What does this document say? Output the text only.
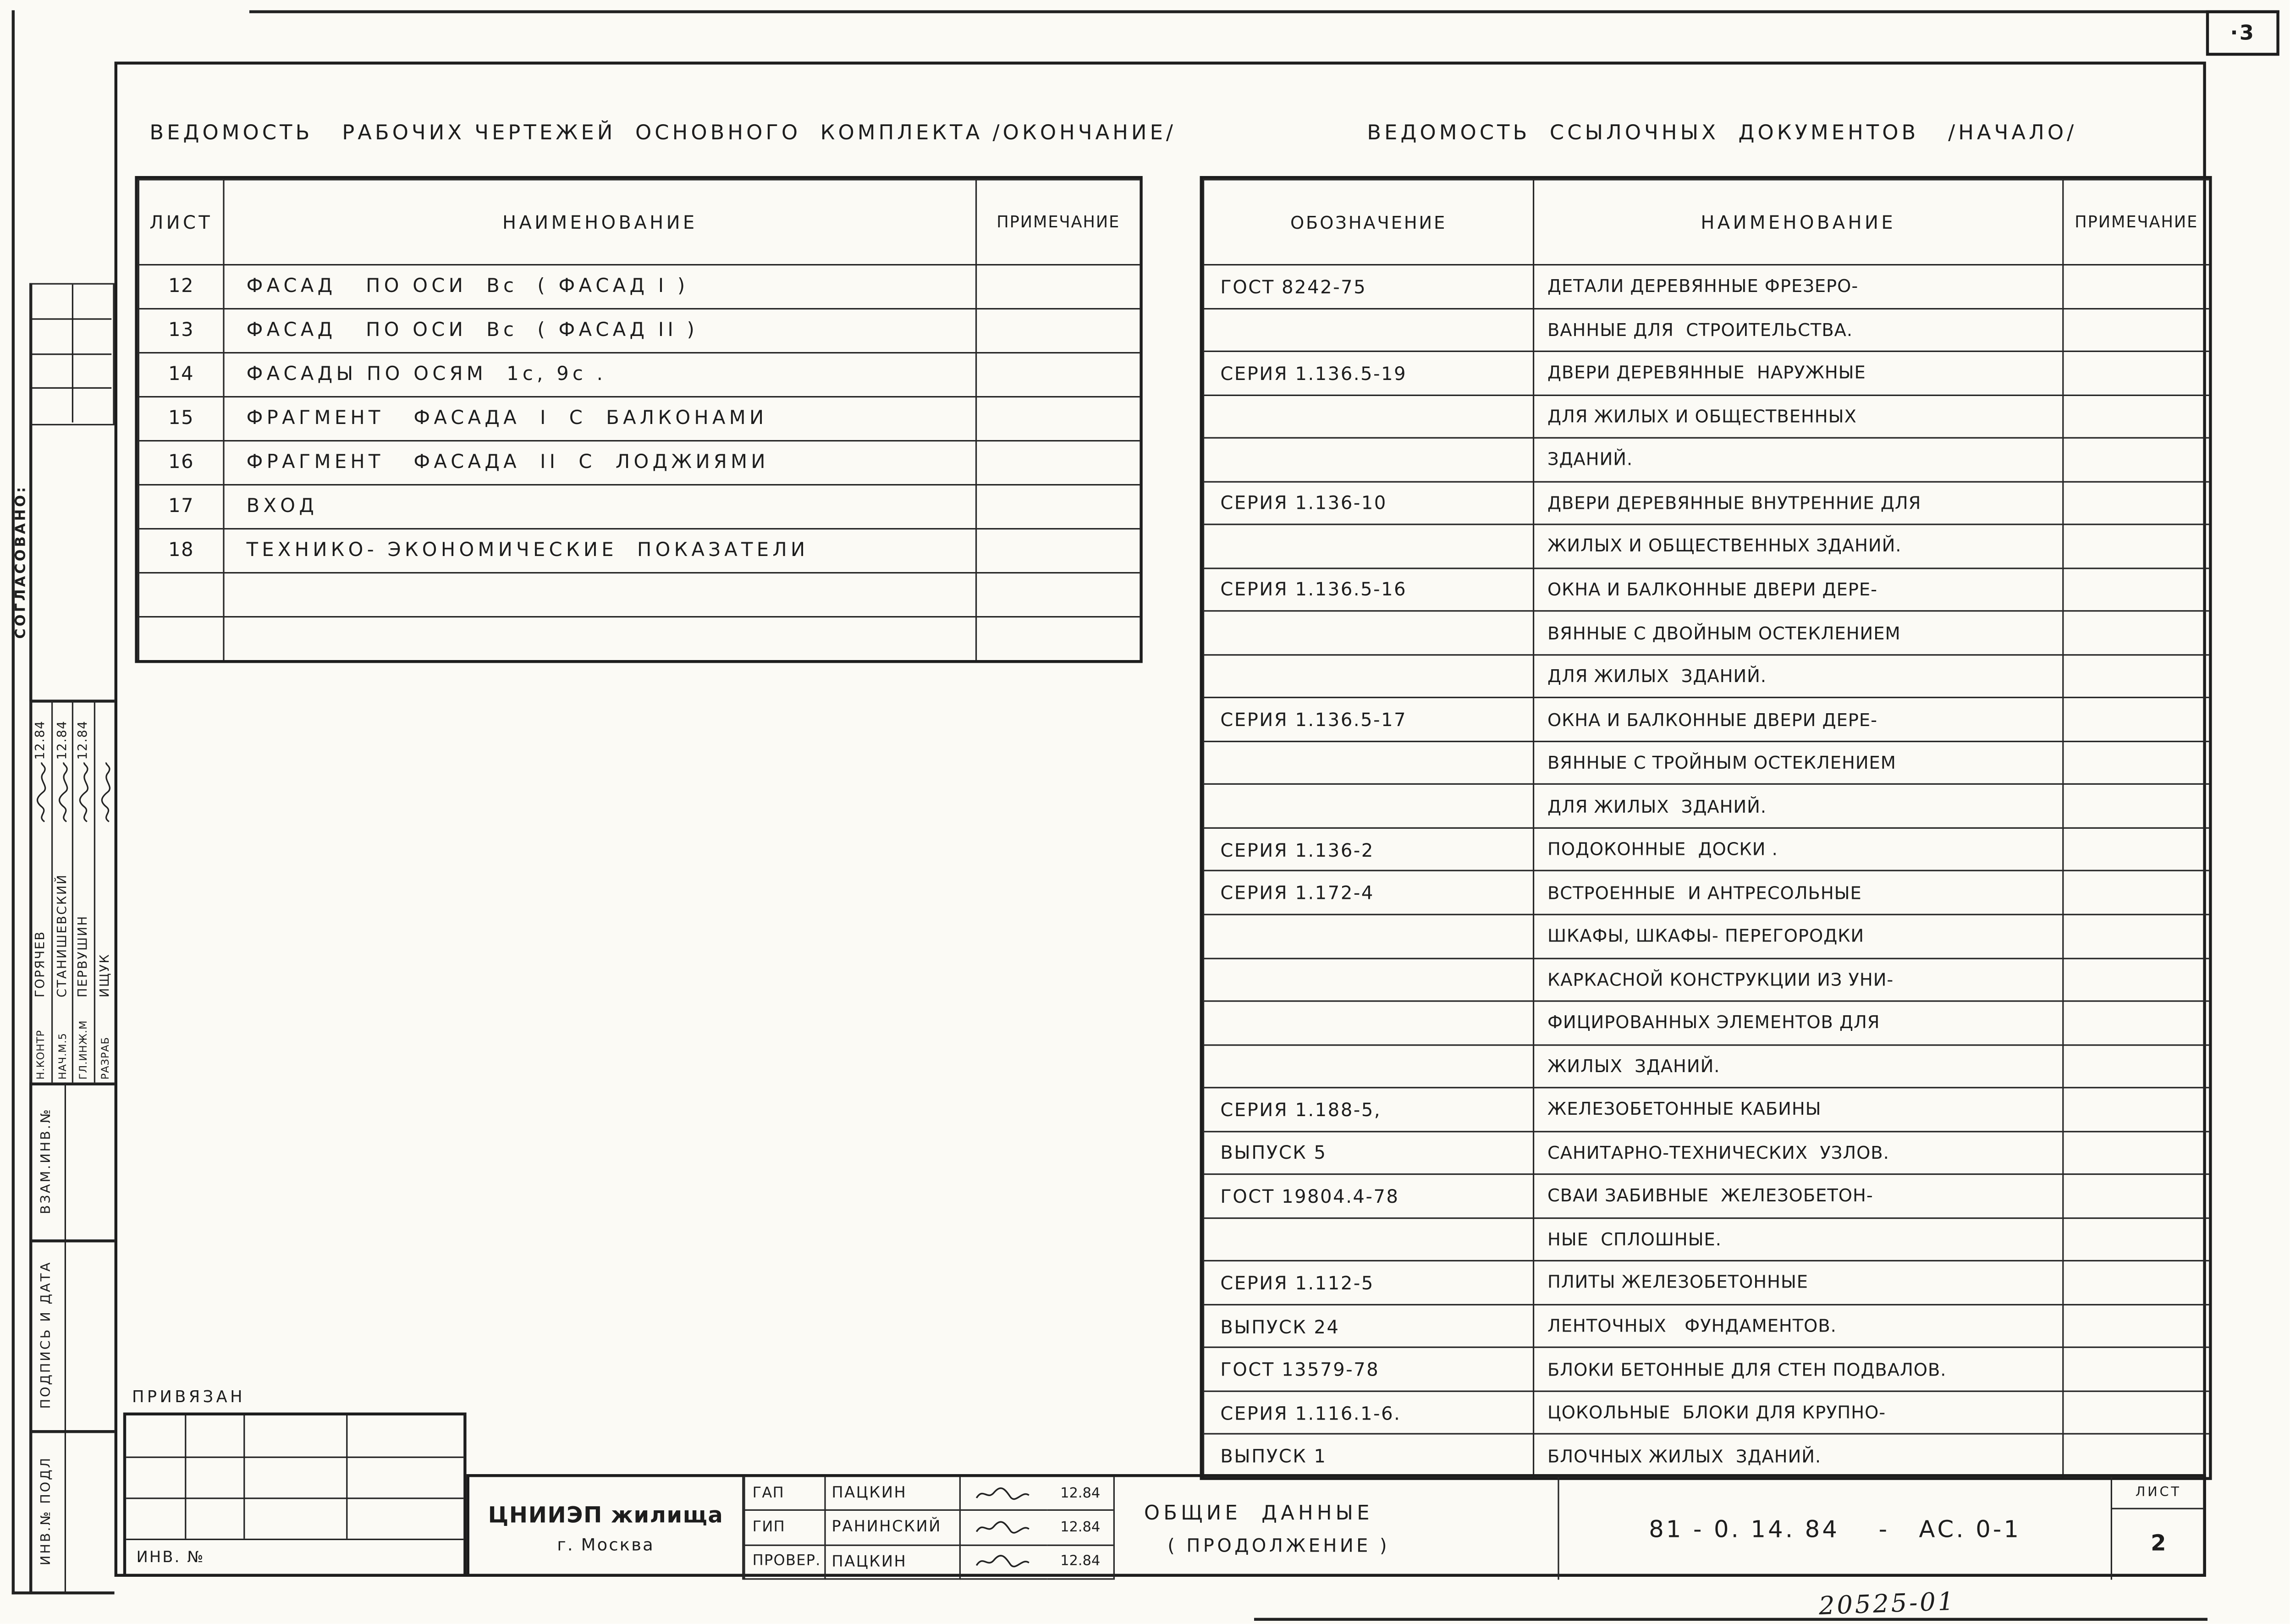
·3
СОГЛАСОВАНО:
Н.КОНТР
ГОРЯЧЕВ
12.84
НАЧ.М.5
СТАНИШЕВСКИЙ
12.84
ГЛ.ИНЖ.М
ПЕРВУШИН
12.84
РАЗРАБ
ИЩУК
ВЗАМ.ИНВ.№
ПОДПИСЬ И ДАТА
ИНВ.№ ПОДЛ
ВЕДОМОСТЬ   РАБОЧИХ ЧЕРТЕЖЕЙ  ОСНОВНОГО  КОМПЛЕКТА /ОКОНЧАНИЕ/
ЛИСТ	НАИМЕНОВАНИЕ	ПРИМЕЧАНИЕ
12	ФАСАД   ПО ОСИ  Вс  ( ФАСАД I )
13	ФАСАД   ПО ОСИ  Вс  ( ФАСАД II )
14	ФАСАДЫ ПО ОСЯМ  1с, 9с .
15	ФРАГМЕНТ   ФАСАДА  I  С  БАЛКОНАМИ
16	ФРАГМЕНТ   ФАСАДА  II  С  ЛОДЖИЯМИ
17	ВХОД
18	ТЕХНИКО- ЭКОНОМИЧЕСКИЕ  ПОКАЗАТЕЛИ
ВЕДОМОСТЬ  ССЫЛОЧНЫХ  ДОКУМЕНТОВ   /НАЧАЛО/
ОБОЗНАЧЕНИЕ	НАИМЕНОВАНИЕ	ПРИМЕЧАНИЕ
ГОСТ 8242-75	ДЕТАЛИ ДЕРЕВЯННЫЕ ФРЕЗЕРО-
ВАННЫЕ ДЛЯ  СТРОИТЕЛЬСТВА.
СЕРИЯ 1.136.5-19	ДВЕРИ ДЕРЕВЯННЫЕ  НАРУЖНЫЕ
ДЛЯ ЖИЛЫХ И ОБЩЕСТВЕННЫХ
ЗДАНИЙ.
СЕРИЯ 1.136-10	ДВЕРИ ДЕРЕВЯННЫЕ ВНУТРЕННИЕ ДЛЯ
ЖИЛЫХ И ОБЩЕСТВЕННЫХ ЗДАНИЙ.
СЕРИЯ 1.136.5-16	ОКНА И БАЛКОННЫЕ ДВЕРИ ДЕРЕ-
ВЯННЫЕ С ДВОЙНЫМ ОСТЕКЛЕНИЕМ
ДЛЯ ЖИЛЫХ  ЗДАНИЙ.
СЕРИЯ 1.136.5-17	ОКНА И БАЛКОННЫЕ ДВЕРИ ДЕРЕ-
ВЯННЫЕ С ТРОЙНЫМ ОСТЕКЛЕНИЕМ
ДЛЯ ЖИЛЫХ  ЗДАНИЙ.
СЕРИЯ 1.136-2	ПОДОКОННЫЕ  ДОСКИ .
СЕРИЯ 1.172-4	ВСТРОЕННЫЕ  И АНТРЕСОЛЬНЫЕ
ШКАФЫ, ШКАФЫ- ПЕРЕГОРОДКИ
КАРКАСНОЙ КОНСТРУКЦИИ ИЗ УНИ-
ФИЦИРОВАННЫХ ЭЛЕМЕНТОВ ДЛЯ
ЖИЛЫХ  ЗДАНИЙ.
СЕРИЯ 1.188-5,	ЖЕЛЕЗОБЕТОННЫЕ КАБИНЫ
ВЫПУСК 5	САНИТАРНО-ТЕХНИЧЕСКИХ  УЗЛОВ.
ГОСТ 19804.4-78	СВАИ ЗАБИВНЫЕ  ЖЕЛЕЗОБЕТОН-
НЫЕ  СПЛОШНЫЕ.
СЕРИЯ 1.112-5	ПЛИТЫ ЖЕЛЕЗОБЕТОННЫЕ
ВЫПУСК 24	ЛЕНТОЧНЫХ   ФУНДАМЕНТОВ.
ГОСТ 13579-78	БЛОКИ БЕТОННЫЕ ДЛЯ СТЕН ПОДВАЛОВ.
СЕРИЯ 1.116.1-6.	ЦОКОЛЬНЫЕ  БЛОКИ ДЛЯ КРУПНО-
ВЫПУСК 1	БЛОЧНЫХ ЖИЛЫХ  ЗДАНИЙ.
ПРИВЯЗАН
ИНВ. №
ЦНИИЭП жилища
г. Москва
ГАП	ПАЦКИН	12.84
ГИП	РАНИНСКИЙ	12.84
ПРОВЕР.	ПАЦКИН	12.84
ОБЩИЕ  ДАННЫЕ
( ПРОДОЛЖЕНИЕ )
81 - 0. 14. 84    -   АС. 0-1
ЛИСТ
2
20525-01
